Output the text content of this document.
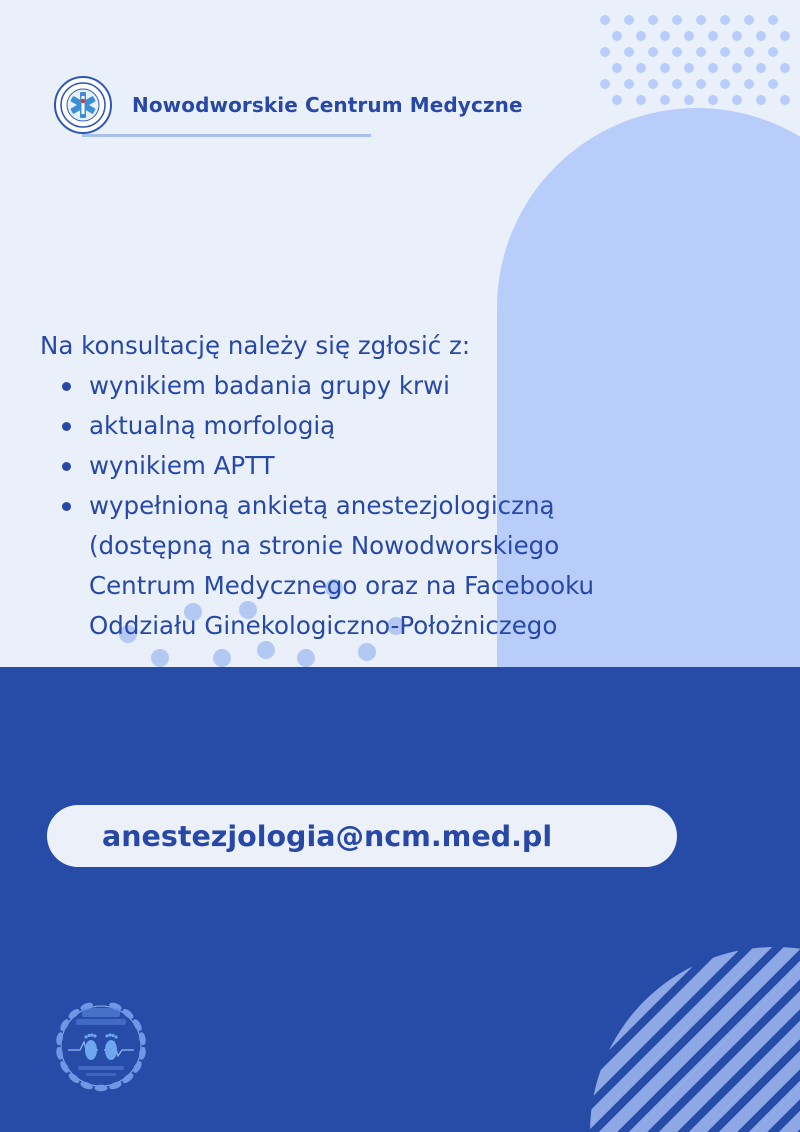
Nowodworskie Centrum Medyczne

Na konsultację należy się zgłosić z:

wynikiem badania grupy krwi
aktualną morfologią
wynikiem APTT
wypełnioną ankietą anestezjologiczną
(dostępną na stronie Nowodworskiego
Centrum Medycznego oraz na Facebooku
Oddziału Ginekologiczno-Położniczego
anestezjologia@ncm.med.pl
